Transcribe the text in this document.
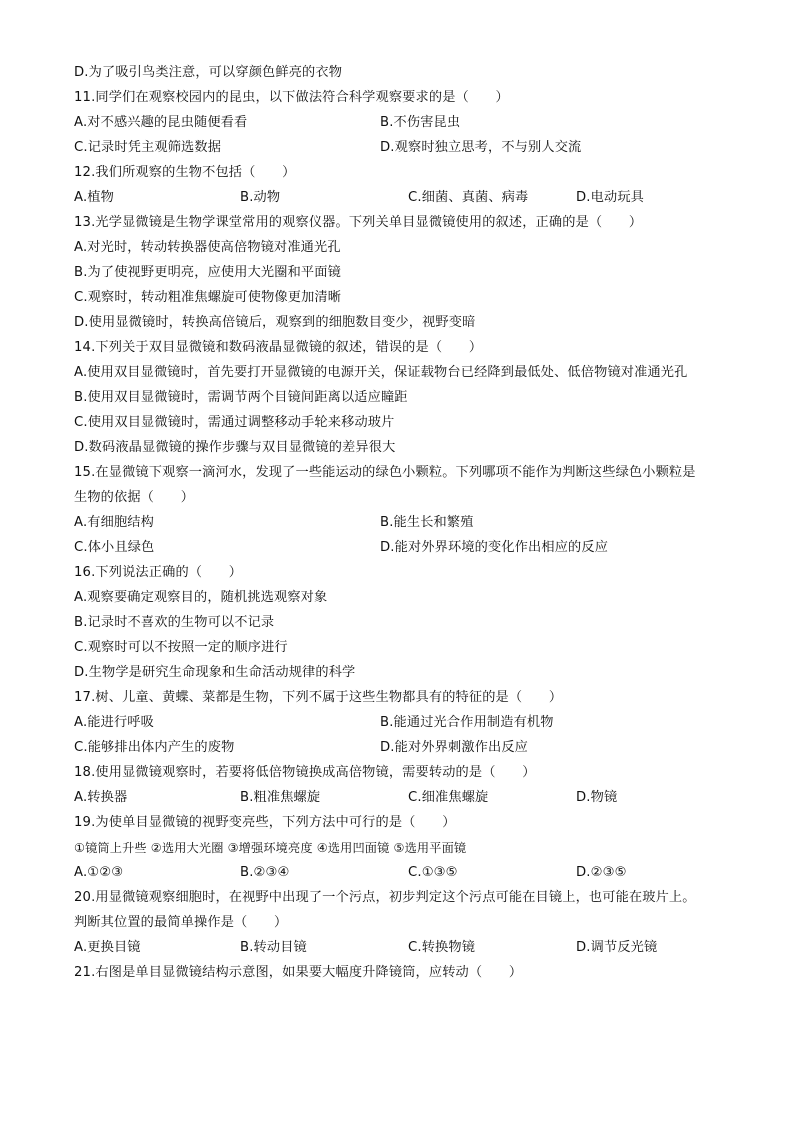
D.为了吸引鸟类注意，可以穿颜色鲜亮的衣物
11.同学们在观察校园内的昆虫，以下做法符合科学观察要求的是（　　）
A.对不感兴趣的昆虫随便看看	B.不伤害昆虫
C.记录时凭主观筛选数据	D.观察时独立思考，不与别人交流
12.我们所观察的生物不包括（　　）
A.植物	B.动物	C.细菌、真菌、病毒	D.电动玩具
13.光学显微镜是生物学课堂常用的观察仪器。下列关单目显微镜使用的叙述，正确的是（　　）
A.对光时，转动转换器使高倍物镜对准通光孔
B.为了使视野更明亮，应使用大光圈和平面镜
C.观察时，转动粗准焦螺旋可使物像更加清晰
D.使用显微镜时，转换高倍镜后，观察到的细胞数目变少，视野变暗
14.下列关于双目显微镜和数码液晶显微镜的叙述，错误的是（　　）
A.使用双目显微镜时，首先要打开显微镜的电源开关，保证载物台已经降到最低处、低倍物镜对准通光孔
B.使用双目显微镜时，需调节两个目镜间距离以适应瞳距
C.使用双目显微镜时，需通过调整移动手轮来移动玻片
D.数码液晶显微镜的操作步骤与双目显微镜的差异很大
15.在显微镜下观察一滴河水，发现了一些能运动的绿色小颗粒。下列哪项不能作为判断这些绿色小颗粒是
生物的依据（　　）
A.有细胞结构	B.能生长和繁殖
C.体小且绿色	D.能对外界环境的变化作出相应的反应
16.下列说法正确的（　　）
A.观察要确定观察目的，随机挑选观察对象
B.记录时不喜欢的生物可以不记录
C.观察时可以不按照一定的顺序进行
D.生物学是研究生命现象和生命活动规律的科学
17.树、儿童、黄蝶、菜都是生物，下列不属于这些生物都具有的特征的是（　　）
A.能进行呼吸	B.能通过光合作用制造有机物
C.能够排出体内产生的废物	D.能对外界刺激作出反应
18.使用显微镜观察时，若要将低倍物镜换成高倍物镜，需要转动的是（　　）
A.转换器	B.粗准焦螺旋	C.细准焦螺旋	D.物镜
19.为使单目显微镜的视野变亮些，下列方法中可行的是（　　）
①镜筒上升些 ②选用大光圈 ③增强环境亮度 ④选用凹面镜 ⑤选用平面镜
A.①②③	B.②③④	C.①③⑤	D.②③⑤
20.用显微镜观察细胞时，在视野中出现了一个污点，初步判定这个污点可能在目镜上，也可能在玻片上。
判断其位置的最简单操作是（　　）
A.更换目镜	B.转动目镜	C.转换物镜	D.调节反光镜
21.右图是单目显微镜结构示意图，如果要大幅度升降镜筒，应转动（　　）
